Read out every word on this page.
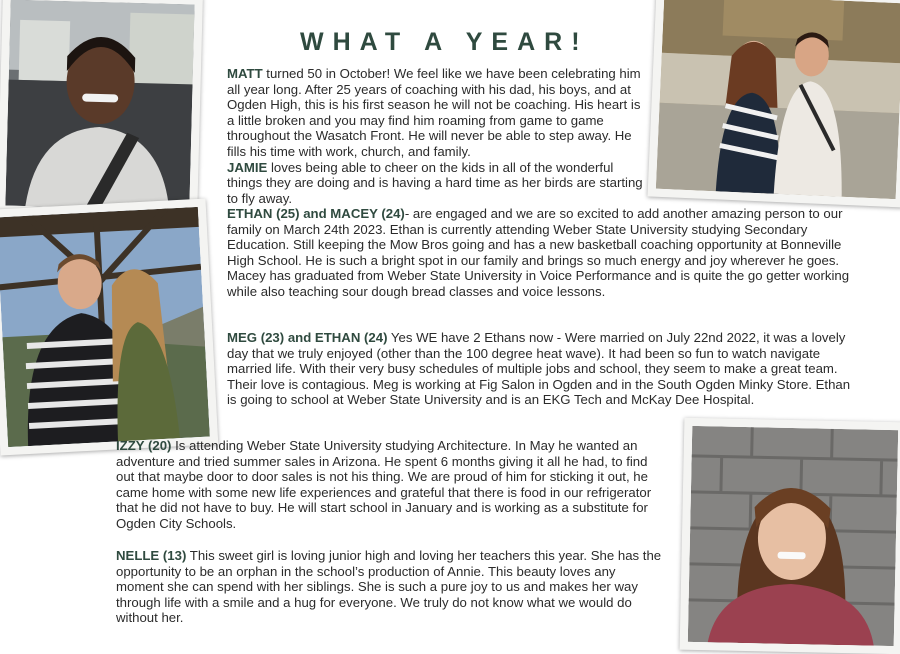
WHAT A YEAR!

MATT turned 50 in October! We feel like we have been celebrating him all year long. After 25 years of coaching with his dad, his boys, and at Ogden High, this is his first season he will not be coaching. His heart is a little broken and you may find him roaming from game to game throughout the Wasatch Front. He will never be able to step away. He fills his time with work, church, and family.

JAMIE loves being able to cheer on the kids in all of the wonderful things they are doing and is having a hard time as her birds are starting to fly away.

ETHAN (25) and MACEY (24)- are engaged and we are so excited to add another amazing person to our family on March 24th 2023. Ethan is currently attending Weber State University studying Secondary Education. Still keeping the Mow Bros going and has a new basketball coaching opportunity at Bonneville High School. He is such a bright spot in our family and brings so much energy and joy wherever he goes. Macey has graduated from Weber State University in Voice Performance and is quite the go getter working while also teaching sour dough bread classes and voice lessons.

MEG (23) and ETHAN (24) Yes WE have 2 Ethans now - Were married on July 22nd 2022, it was a lovely day that we truly enjoyed (other than the 100 degree heat wave). It had been so fun to watch navigate married life. With their very busy schedules of multiple jobs and school, they seem to make a great team. Their love is contagious. Meg is working at Fig Salon in Ogden and in the South Ogden Minky Store. Ethan is going to school at Weber State University and is an EKG Tech and McKay Dee Hospital.

IZZY (20) Is attending Weber State University studying Architecture. In May he wanted an adventure and tried summer sales in Arizona. He spent 6 months giving it all he had, to find out that maybe door to door sales is not his thing. We are proud of him for sticking it out, he came home with some new life experiences and grateful that there is food in our refrigerator that he did not have to buy. He will start school in January and is working as a substitute for Ogden City Schools.

NELLE (13) This sweet girl is loving junior high and loving her teachers this year. She has the opportunity to be an orphan in the school’s production of Annie. This beauty loves any moment she can spend with her siblings. She is such a pure joy to us and makes her way through life with a smile and a hug for everyone. We truly do not know what we would do without her.
